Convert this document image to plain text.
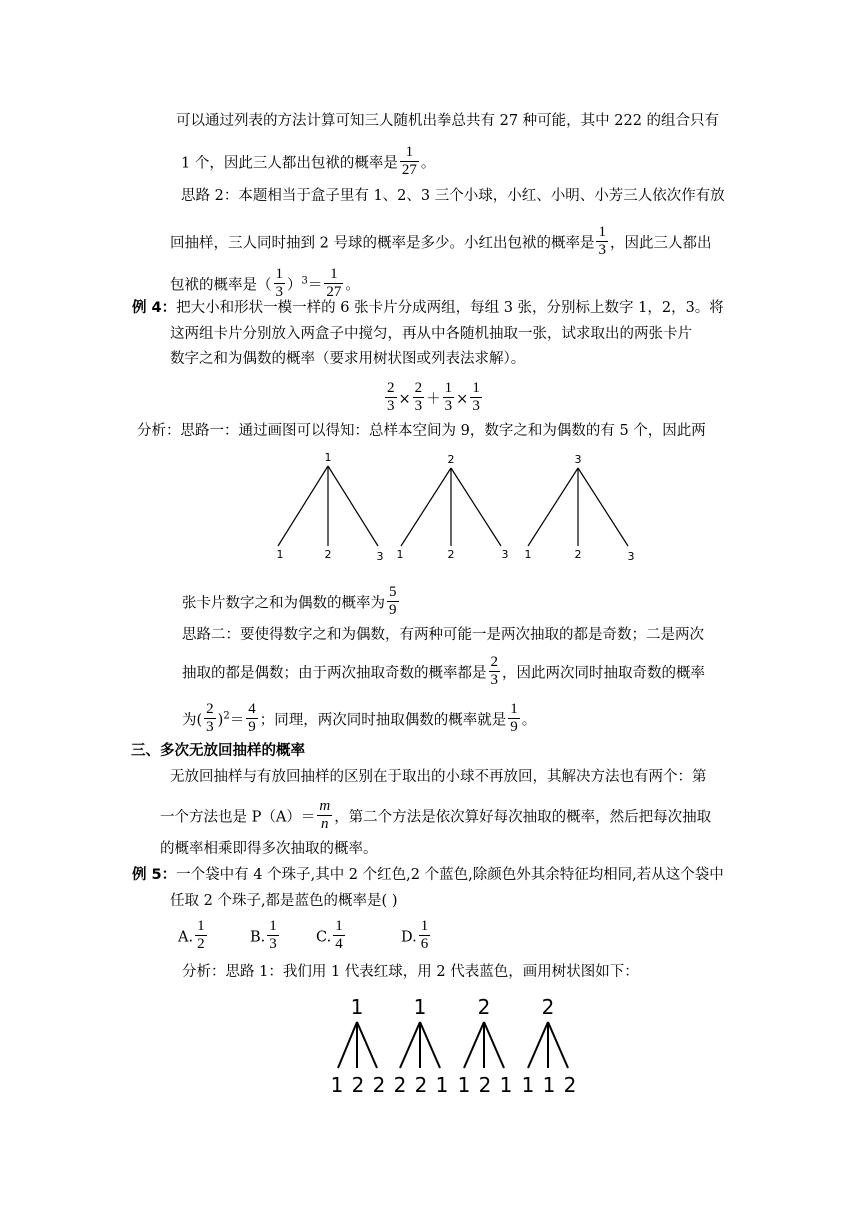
可以通过列表的方法计算可知三人随机出拳总共有 27 种可能，其中 222 的组合只有
1 个，因此三人都出包袱的概率是 $\frac{1}{27}$ 。
思路 2：本题相当于盒子里有 1、2、3 三个小球，小红、小明、小芳三人依次作有放
回抽样，三人同时抽到 2 号球的概率是多少。小红出包袱的概率是 $\frac{1}{3}$ ，因此三人都出
包袱的概率是（ $\frac{1}{3} )^3= \frac{1}{27}$ 。
例 4：把大小和形状一模一样的 6 张卡片分成两组，每组 3 张，分别标上数字 1，2，3。将
这两组卡片分别放入两盒子中搅匀，再从中各随机抽取一张，试求取出的两张卡片
数字之和为偶数的概率（要求用树状图或列表法求解）。
$\frac{2}{3} \times \frac{2}{3} + \frac{1}{3} \times \frac{1}{3}$
分析：思路一：通过画图可以得知：总样本空间为 9，数字之和为偶数的有 5 个，因此两
1
1	2	3
2
1	2	3
3
1	2	3
张卡片数字之和为偶数的概率为 $\frac{5}{9}$
思路二：要使得数字之和为偶数，有两种可能一是两次抽取的都是奇数；二是两次
抽取的都是偶数；由于两次抽取奇数的概率都是 $\frac{2}{3}$ ，因此两次同时抽取奇数的概率
为( $\frac{2}{3} )^2= \frac{4}{9}$ ；同理，两次同时抽取偶数的概率就是 $\frac{1}{9}$ 。
三、多次无放回抽样的概率
无放回抽样与有放回抽样的区别在于取出的小球不再放回，其解决方法也有两个：第
一个方法也是 $P(A)= \frac{m}{n}$ ，第二个方法是依次算好每次抽取的概率，然后把每次抽取
的概率相乘即得多次抽取的概率。
例 5：一个袋中有 4 个珠子,其中 2 个红色,2 个蓝色,除颜色外其余特征均相同,若从这个袋中
任取 2 个珠子,都是蓝色的概率是( )
A. $\frac{1}{2}$	B. $\frac{1}{3}$	C. $\frac{1}{4}$	D. $\frac{1}{6}$
分析：思路 1：我们用 1 代表红球，用 2 代表蓝色，画用树状图如下：
1
1 2 2
1
2 2 1
2
1 2 1
2
1 1 2
